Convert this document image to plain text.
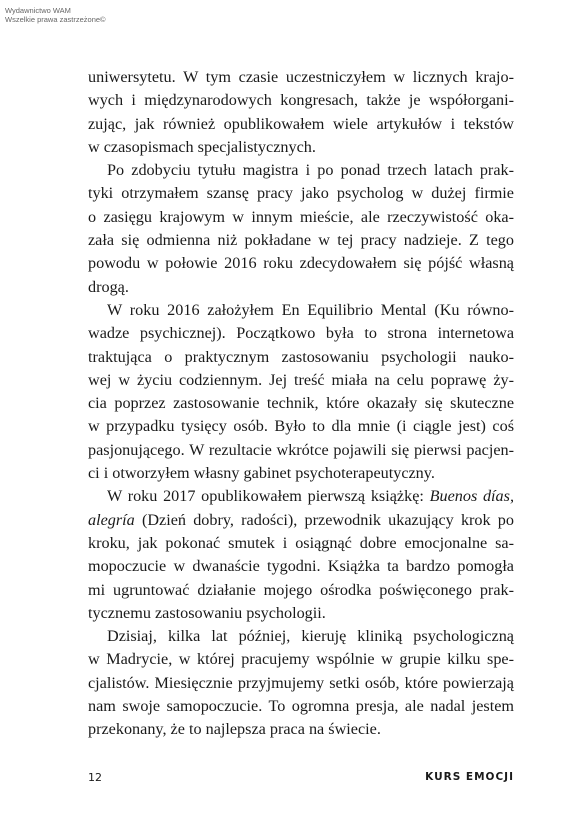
Wydawnictwo WAM
Wszelkie prawa zastrzeżone©
uniwersytetu. W tym czasie uczestniczyłem w licznych krajo-
wych i międzynarodowych kongresach, także je współorgani-
zując, jak również opublikowałem wiele artykułów i tekstów
w czasopismach specjalistycznych.
Po zdobyciu tytułu magistra i po ponad trzech latach prak-
tyki otrzymałem szansę pracy jako psycholog w dużej firmie
o zasięgu krajowym w innym mieście, ale rzeczywistość oka-
zała się odmienna niż pokładane w tej pracy nadzieje. Z tego
powodu w połowie 2016 roku zdecydowałem się pójść własną
drogą.
W roku 2016 założyłem En Equilibrio Mental (Ku równo-
wadze psychicznej). Początkowo była to strona internetowa
traktująca o praktycznym zastosowaniu psychologii nauko-
wej w życiu codziennym. Jej treść miała na celu poprawę ży-
cia poprzez zastosowanie technik, które okazały się skuteczne
w przypadku tysięcy osób. Było to dla mnie (i ciągle jest) coś
pasjonującego. W rezultacie wkrótce pojawili się pierwsi pacjen-
ci i otworzyłem własny gabinet psychoterapeutyczny.
W roku 2017 opublikowałem pierwszą książkę: Buenos días,
alegría (Dzień dobry, radości), przewodnik ukazujący krok po
kroku, jak pokonać smutek i osiągnąć dobre emocjonalne sa-
mopoczucie w dwanaście tygodni. Książka ta bardzo pomogła
mi ugruntować działanie mojego ośrodka poświęconego prak-
tycznemu zastosowaniu psychologii.
Dzisiaj, kilka lat później, kieruję kliniką psychologiczną
w Madrycie, w której pracujemy wspólnie w grupie kilku spe-
cjalistów. Miesięcznie przyjmujemy setki osób, które powierzają
nam swoje samopoczucie. To ogromna presja, ale nadal jestem
przekonany, że to najlepsza praca na świecie.
12	KURS EMOCJI
